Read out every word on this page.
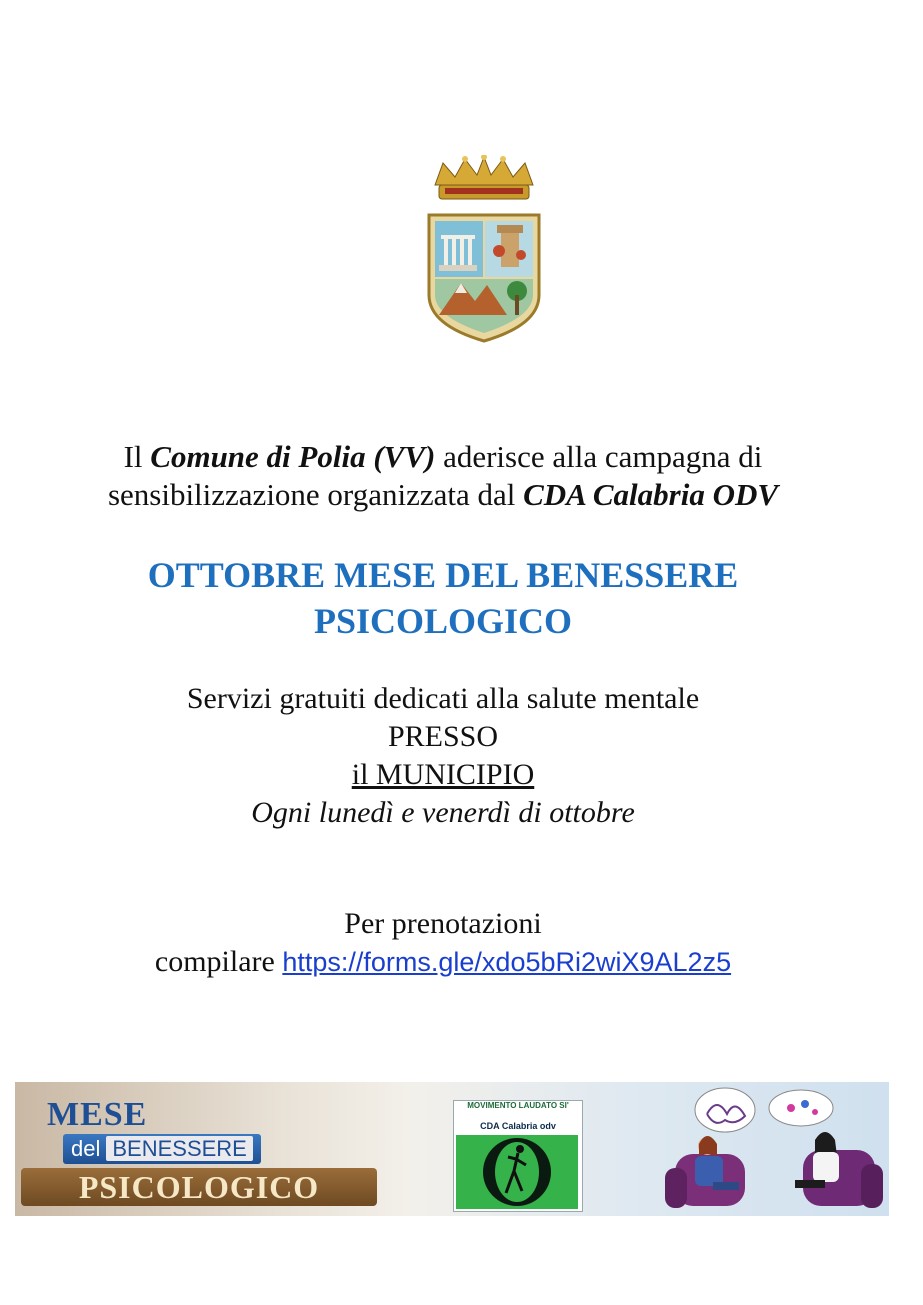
Il Comune di Polia (VV) aderisce alla campagna di
sensibilizzazione organizzata dal CDA Calabria ODV
OTTOBRE MESE DEL BENESSERE
PSICOLOGICO
Servizi gratuiti dedicati alla salute mentale
PRESSO
il MUNICIPIO
Ogni lunedì e venerdì di ottobre
Per prenotazioni
compilare https://forms.gle/xdo5bRi2wiX9AL2z5
MESE
del BENESSERE
PSICOLOGICO
MOVIMENTO LAUDATO SI'
CDA Calabria odv
